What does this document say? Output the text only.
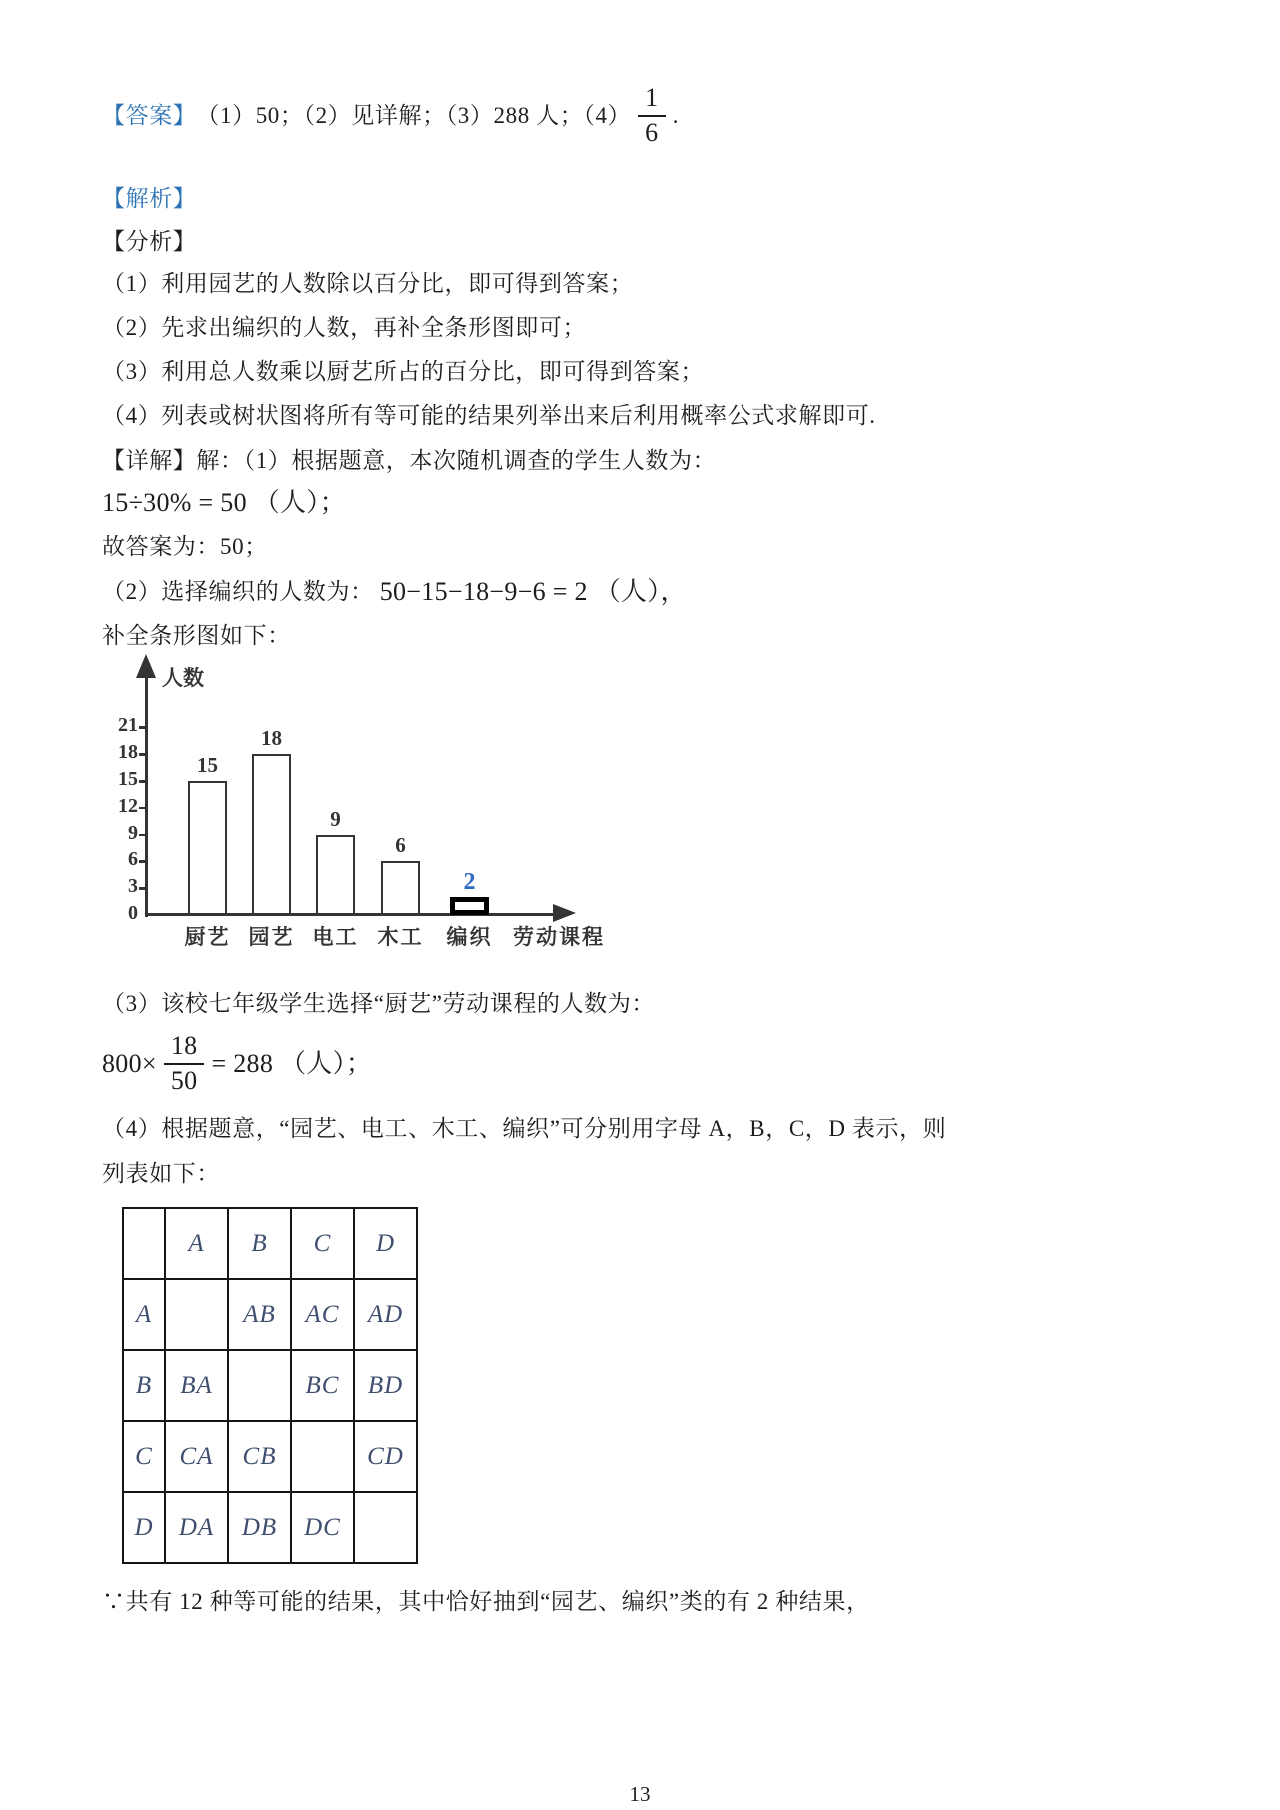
【答案】 （1）50；（2）见详解；（3）288 人；$(4) \frac{1}{6}$ .
【解析】
【分析】
（1）利用园艺的人数除以百分比，即可得到答案；
（2）先求出编织的人数，再补全条形图即可；
（3）利用总人数乘以厨艺所占的百分比，即可得到答案；
（4）列表或树状图将所有等可能的结果列举出来后利用概率公式求解即可.
【详解】解：（1）根据题意，本次随机调查的学生人数为：
15÷30% = 50 （人）；
故答案为：50；
（2）选择编织的人数为： 50−15−18−9−6 = 2 （人），
补全条形图如下：
人数
劳动课程
0
3
6
9
12
15
18
21
15
厨艺
18
园艺
9
电工
6
木工
2
编织
（3）该校七年级学生选择“厨艺”劳动课程的人数为：
$800\times \frac{18}{50} = 288$ （人）；
（4）根据题意，“园艺、电工、木工、编织”可分别用字母 A，B，C，D 表示，则
列表如下：
	A	B	C	D
A		AB	AC	AD
B	BA		BC	BD
C	CA	CB		CD
D	DA	DB	DC	
∵共有 12 种等可能的结果，其中恰好抽到“园艺、编织”类的有 2 种结果，
13
